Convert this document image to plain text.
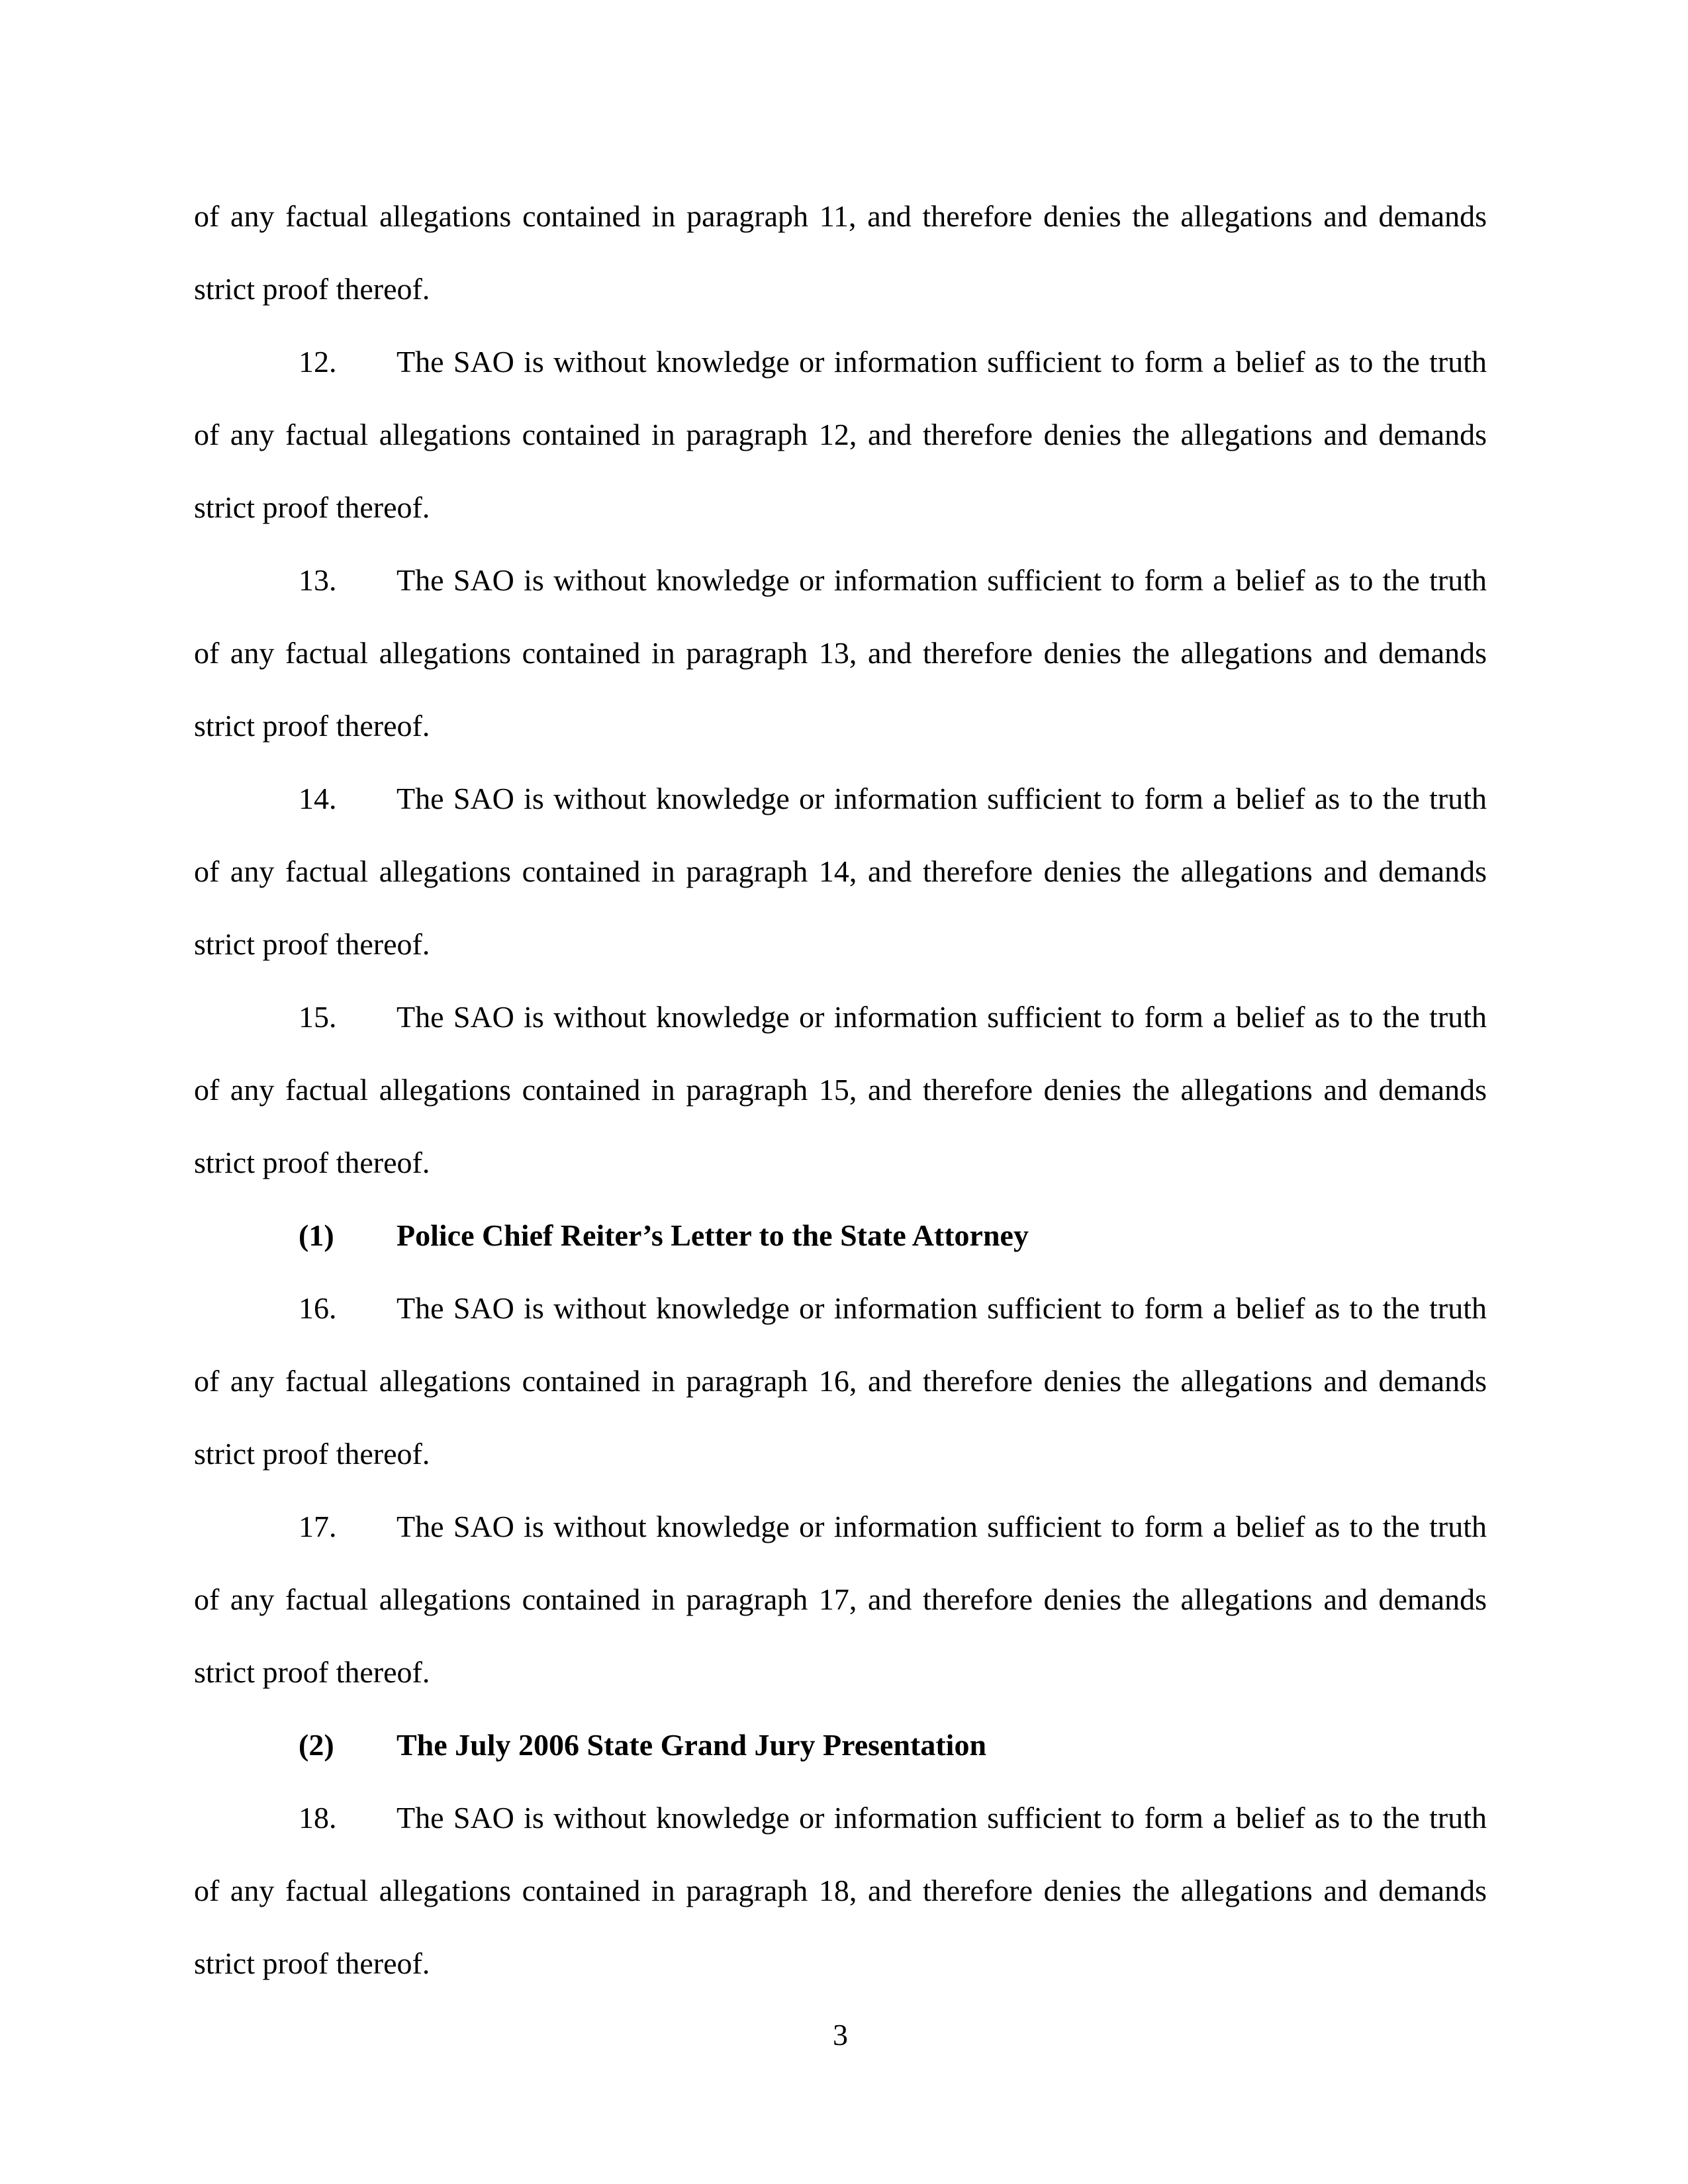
of any factual allegations contained in paragraph 11, and therefore denies the allegations and demands
strict proof thereof.
12. The SAO is without knowledge or information sufficient to form a belief as to the truth
of any factual allegations contained in paragraph 12, and therefore denies the allegations and demands
strict proof thereof.
13. The SAO is without knowledge or information sufficient to form a belief as to the truth
of any factual allegations contained in paragraph 13, and therefore denies the allegations and demands
strict proof thereof.
14. The SAO is without knowledge or information sufficient to form a belief as to the truth
of any factual allegations contained in paragraph 14, and therefore denies the allegations and demands
strict proof thereof.
15. The SAO is without knowledge or information sufficient to form a belief as to the truth
of any factual allegations contained in paragraph 15, and therefore denies the allegations and demands
strict proof thereof.
(1) Police Chief Reiter’s Letter to the State Attorney
16. The SAO is without knowledge or information sufficient to form a belief as to the truth
of any factual allegations contained in paragraph 16, and therefore denies the allegations and demands
strict proof thereof.
17. The SAO is without knowledge or information sufficient to form a belief as to the truth
of any factual allegations contained in paragraph 17, and therefore denies the allegations and demands
strict proof thereof.
(2) The July 2006 State Grand Jury Presentation
18. The SAO is without knowledge or information sufficient to form a belief as to the truth
of any factual allegations contained in paragraph 18, and therefore denies the allegations and demands
strict proof thereof.
3
